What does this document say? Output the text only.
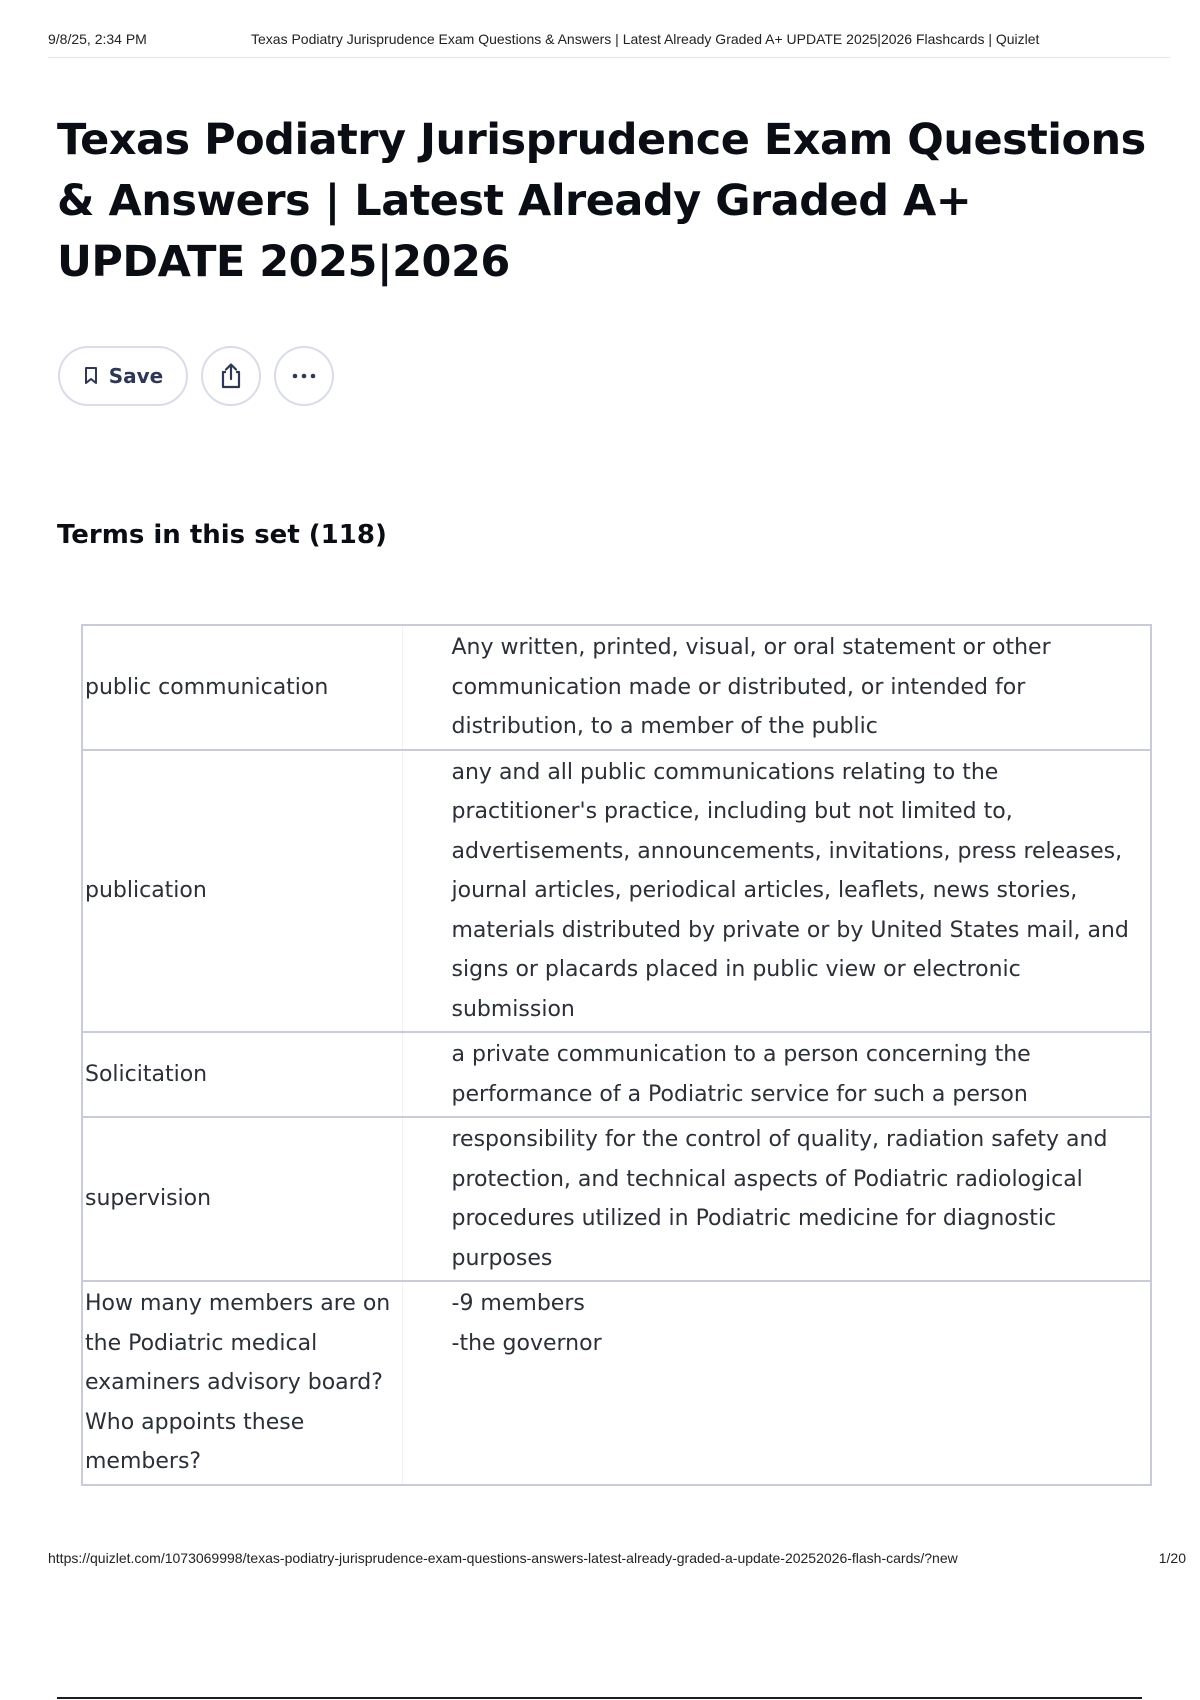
9/8/25, 2:34 PM	Texas Podiatry Jurisprudence Exam Questions & Answers | Latest Already Graded A+ UPDATE 2025|2026 Flashcards | Quizlet
Texas Podiatry Jurisprudence Exam Questions & Answers | Latest Already Graded A+ UPDATE 2025|2026
Save
Terms in this set (118)
public communication	Any written, printed, visual, or oral statement or other communication made or distributed, or intended for distribution, to a member of the public
publication	any and all public communications relating to the practitioner's practice, including but not limited to, advertisements, announcements, invitations, press releases, journal articles, periodical articles, leaflets, news stories, materials distributed by private or by United States mail, and signs or placards placed in public view or electronic submission
Solicitation	a private communication to a person concerning the performance of a Podiatric service for such a person
supervision	responsibility for the control of quality, radiation safety and protection, and technical aspects of Podiatric radiological procedures utilized in Podiatric medicine for diagnostic purposes
How many members are on the Podiatric medical examiners advisory board? Who appoints these members?	-9 members
-the governor
https://quizlet.com/1073069998/texas-podiatry-jurisprudence-exam-questions-answers-latest-already-graded-a-update-20252026-flash-cards/?new	1/20
